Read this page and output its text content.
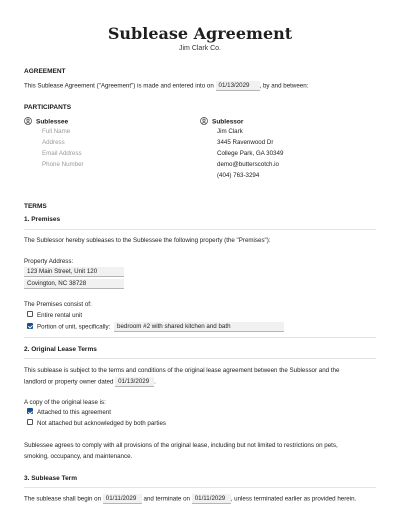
Sublease Agreement
Jim Clark Co.
AGREEMENT
This Sublease Agreement ("Agreement") is made and entered into on 01/13/2029 , by and between:
PARTICIPANTS
Sublessee
Full Name
Address
Email Address
Phone Number
Sublessor
Jim Clark
3445 Ravenwood Dr
College Park, GA 30349
demo@butterscotch.io
(404) 763-3294
TERMS
1. Premises
The Sublessor hereby subleases to the Sublessee the following property (the "Premises"):
Property Address:
123 Main Street, Unit 120
Covington, NC 38728
The Premises consist of:
Entire rental unit
Portion of unit, specifically: bedroom #2 with shared kitchen and bath
2. Original Lease Terms
This sublease is subject to the terms and conditions of the original lease agreement between the Sublessor and the
landlord or property owner dated 01/13/2029 .
A copy of the original lease is:
Attached to this agreement
Not attached but acknowledged by both parties
Sublessee agrees to comply with all provisions of the original lease, including but not limited to restrictions on pets,
smoking, occupancy, and maintenance.
3. Sublease Term
The sublease shall begin on 01/11/2029 and terminate on 01/11/2029 , unless terminated earlier as provided herein.
